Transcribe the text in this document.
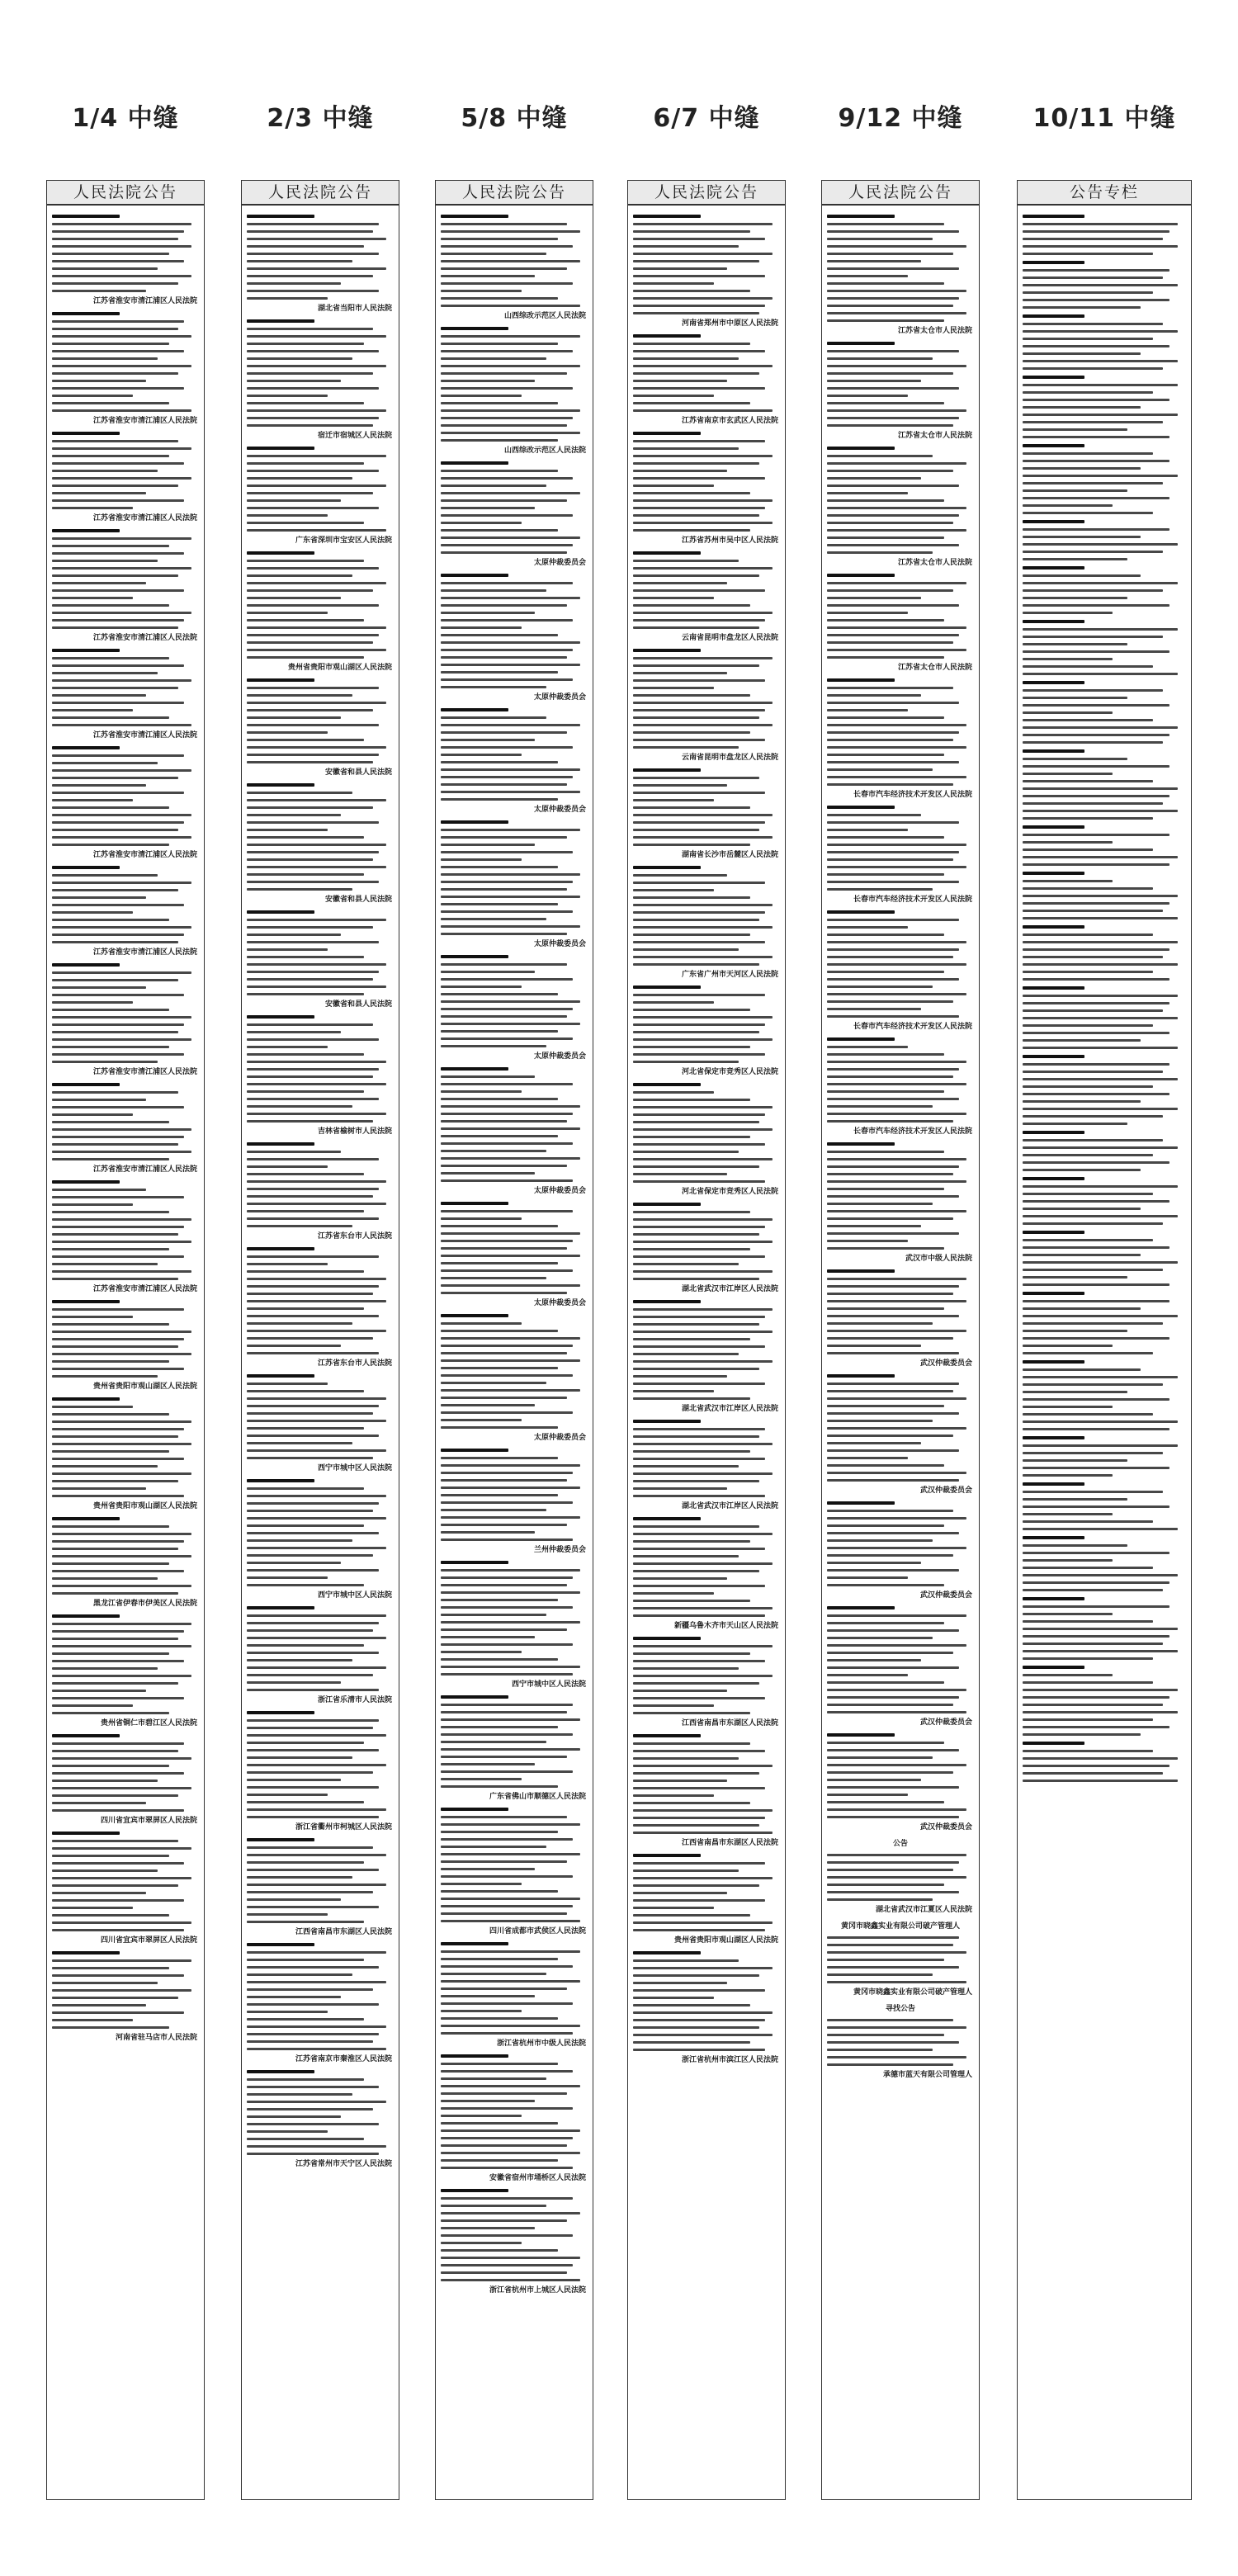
1/4 中缝
人民法院公告
江苏省淮安市清江浦区人民法院
江苏省淮安市清江浦区人民法院
江苏省淮安市清江浦区人民法院
江苏省淮安市清江浦区人民法院
江苏省淮安市清江浦区人民法院
江苏省淮安市清江浦区人民法院
江苏省淮安市清江浦区人民法院
江苏省淮安市清江浦区人民法院
江苏省淮安市清江浦区人民法院
江苏省淮安市清江浦区人民法院
贵州省贵阳市观山湖区人民法院
贵州省贵阳市观山湖区人民法院
黑龙江省伊春市伊美区人民法院
贵州省铜仁市碧江区人民法院
四川省宜宾市翠屏区人民法院
四川省宜宾市翠屏区人民法院
河南省驻马店市人民法院
2/3 中缝
人民法院公告
湖北省当阳市人民法院
宿迁市宿城区人民法院
广东省深圳市宝安区人民法院
贵州省贵阳市观山湖区人民法院
安徽省和县人民法院
安徽省和县人民法院
安徽省和县人民法院
吉林省榆树市人民法院
江苏省东台市人民法院
江苏省东台市人民法院
西宁市城中区人民法院
西宁市城中区人民法院
浙江省乐清市人民法院
浙江省衢州市柯城区人民法院
江西省南昌市东湖区人民法院
江苏省南京市秦淮区人民法院
江苏省常州市天宁区人民法院
5/8 中缝
人民法院公告
山西综改示范区人民法院
山西综改示范区人民法院
太原仲裁委员会
太原仲裁委员会
太原仲裁委员会
太原仲裁委员会
太原仲裁委员会
太原仲裁委员会
太原仲裁委员会
太原仲裁委员会
兰州仲裁委员会
西宁市城中区人民法院
广东省佛山市顺德区人民法院
四川省成都市武侯区人民法院
浙江省杭州市中级人民法院
安徽省宿州市埇桥区人民法院
浙江省杭州市上城区人民法院
6/7 中缝
人民法院公告
河南省郑州市中原区人民法院
江苏省南京市玄武区人民法院
江苏省苏州市吴中区人民法院
云南省昆明市盘龙区人民法院
云南省昆明市盘龙区人民法院
湖南省长沙市岳麓区人民法院
广东省广州市天河区人民法院
河北省保定市竞秀区人民法院
河北省保定市竞秀区人民法院
湖北省武汉市江岸区人民法院
湖北省武汉市江岸区人民法院
湖北省武汉市江岸区人民法院
新疆乌鲁木齐市天山区人民法院
江西省南昌市东湖区人民法院
江西省南昌市东湖区人民法院
贵州省贵阳市观山湖区人民法院
浙江省杭州市滨江区人民法院
9/12 中缝
人民法院公告
江苏省太仓市人民法院
江苏省太仓市人民法院
江苏省太仓市人民法院
江苏省太仓市人民法院
长春市汽车经济技术开发区人民法院
长春市汽车经济技术开发区人民法院
长春市汽车经济技术开发区人民法院
长春市汽车经济技术开发区人民法院
武汉市中级人民法院
武汉仲裁委员会
武汉仲裁委员会
武汉仲裁委员会
武汉仲裁委员会
武汉仲裁委员会
公告
湖北省武汉市江夏区人民法院
黄冈市晓鑫实业有限公司破产管理人
黄冈市晓鑫实业有限公司破产管理人
寻找公告
承德市蓝天有限公司管理人
10/11 中缝
公告专栏
